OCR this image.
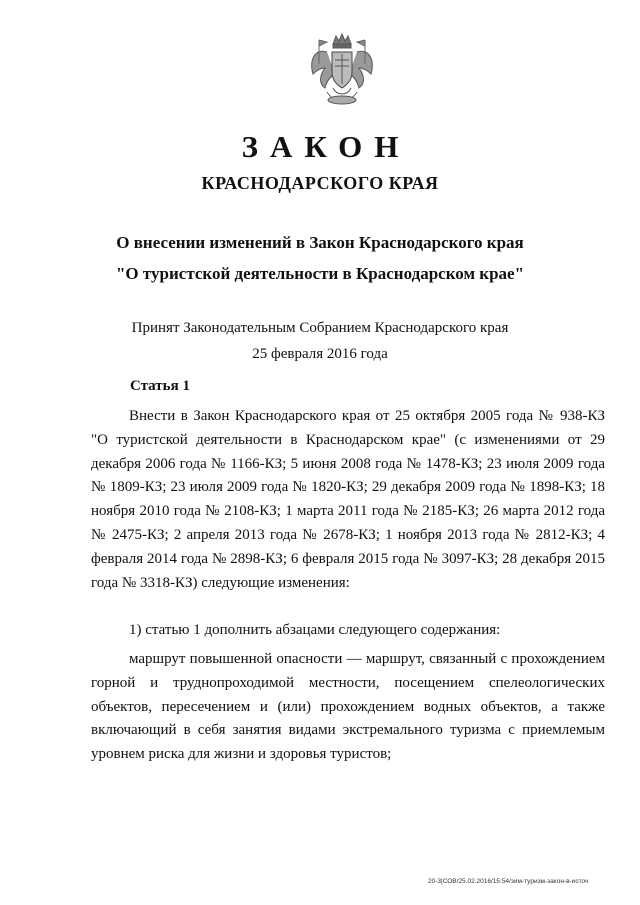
ЗАКОН
КРАСНОДАРСКОГО КРАЯ
О внесении изменений в Закон Краснодарского края
"О туристской деятельности в Краснодарском крае"
Принят Законодательным Собранием Краснодарского края
25 февраля 2016 года
Статья 1

Внести в Закон Краснодарского края от 25 октября 2005 года № 938-КЗ "О туристской деятельности в Краснодарском крае" (с изменениями от 29 декабря 2006 года № 1166-КЗ; 5 июня 2008 года № 1478-КЗ; 23 июля 2009 года № 1809-КЗ; 23 июля 2009 года № 1820-КЗ; 29 декабря 2009 года № 1898-КЗ; 18 ноября 2010 года № 2108-КЗ; 1 марта 2011 года № 2185-КЗ; 26 марта 2012 года № 2475-КЗ; 2 апреля 2013 года № 2678-КЗ; 1 ноября 2013 года № 2812-КЗ; 4 февраля 2014 года № 2898-КЗ; 6 февраля 2015 года № 3097-КЗ; 28 декабря 2015 года № 3318-КЗ) следующие изменения:

1) статью 1 дополнить абзацами следующего содержания:

маршрут повышенной опасности — маршрут, связанный с прохождением горной и труднопроходимой местности, посещением спелеологических объектов, пересечением и (или) прохождением водных объектов, а также включающий в себя занятия видами экстремального туризма с приемлемым уровнем риска для жизни и здоровья туристов;

20-3|СОВ/25.02.2016/15:54/зим-туризм-закон-в-источ
